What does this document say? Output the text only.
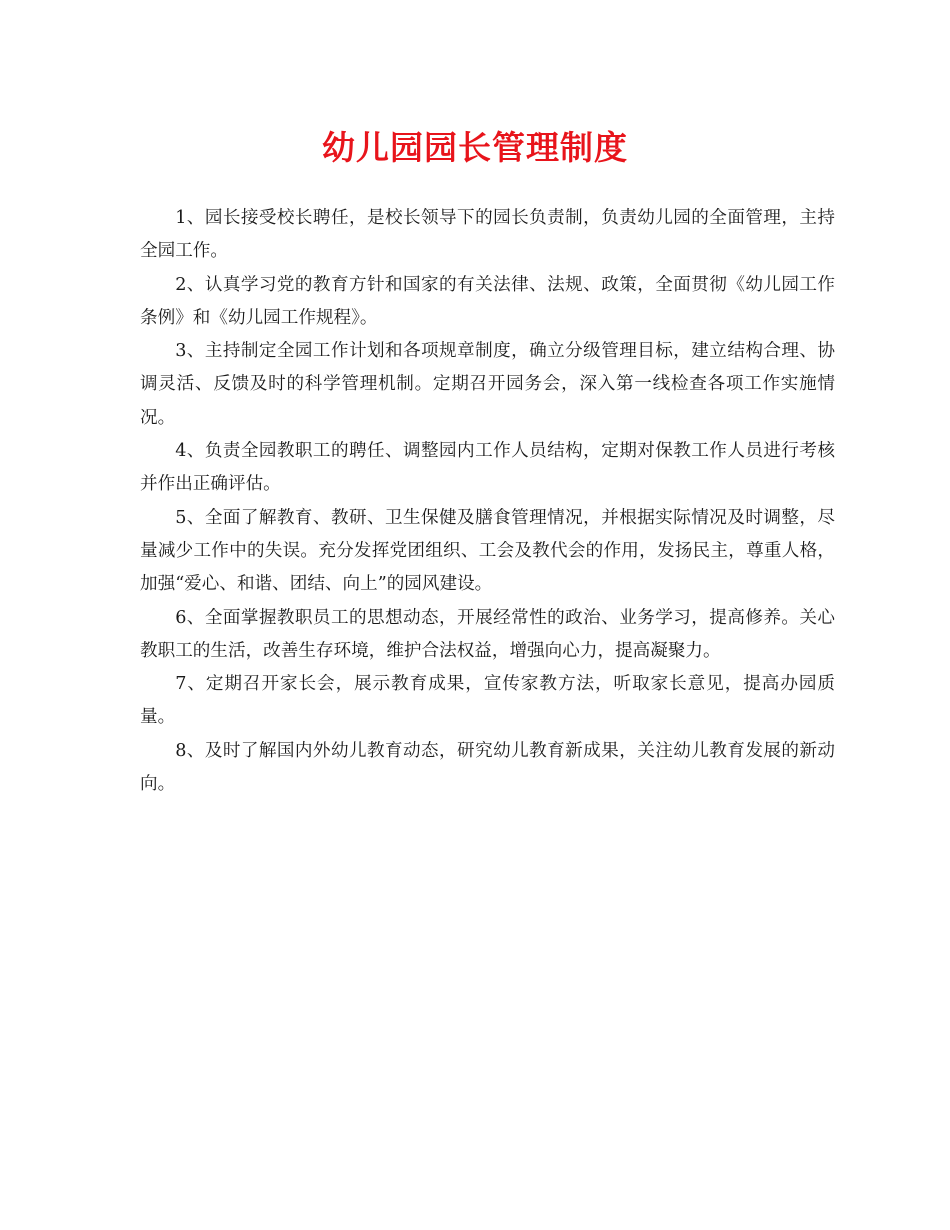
幼儿园园长管理制度

1、园长接受校长聘任，是校长领导下的园长负责制，负责幼儿园的全面管理，主持全园工作。

2、认真学习党的教育方针和国家的有关法律、法规、政策，全面贯彻《幼儿园工作条例》和《幼儿园工作规程》。

3、主持制定全园工作计划和各项规章制度，确立分级管理目标，建立结构合理、协调灵活、反馈及时的科学管理机制。定期召开园务会，深入第一线检查各项工作实施情况。

4、负责全园教职工的聘任、调整园内工作人员结构，定期对保教工作人员进行考核并作出正确评估。

5、全面了解教育、教研、卫生保健及膳食管理情况，并根据实际情况及时调整，尽量减少工作中的失误。充分发挥党团组织、工会及教代会的作用，发扬民主，尊重人格，加强“爱心、和谐、团结、向上”的园风建设。

6、全面掌握教职员工的思想动态，开展经常性的政治、业务学习，提高修养。关心教职工的生活，改善生存环境，维护合法权益，增强向心力，提高凝聚力。

7、定期召开家长会，展示教育成果，宣传家教方法，听取家长意见，提高办园质量。

8、及时了解国内外幼儿教育动态，研究幼儿教育新成果，关注幼儿教育发展的新动向。
